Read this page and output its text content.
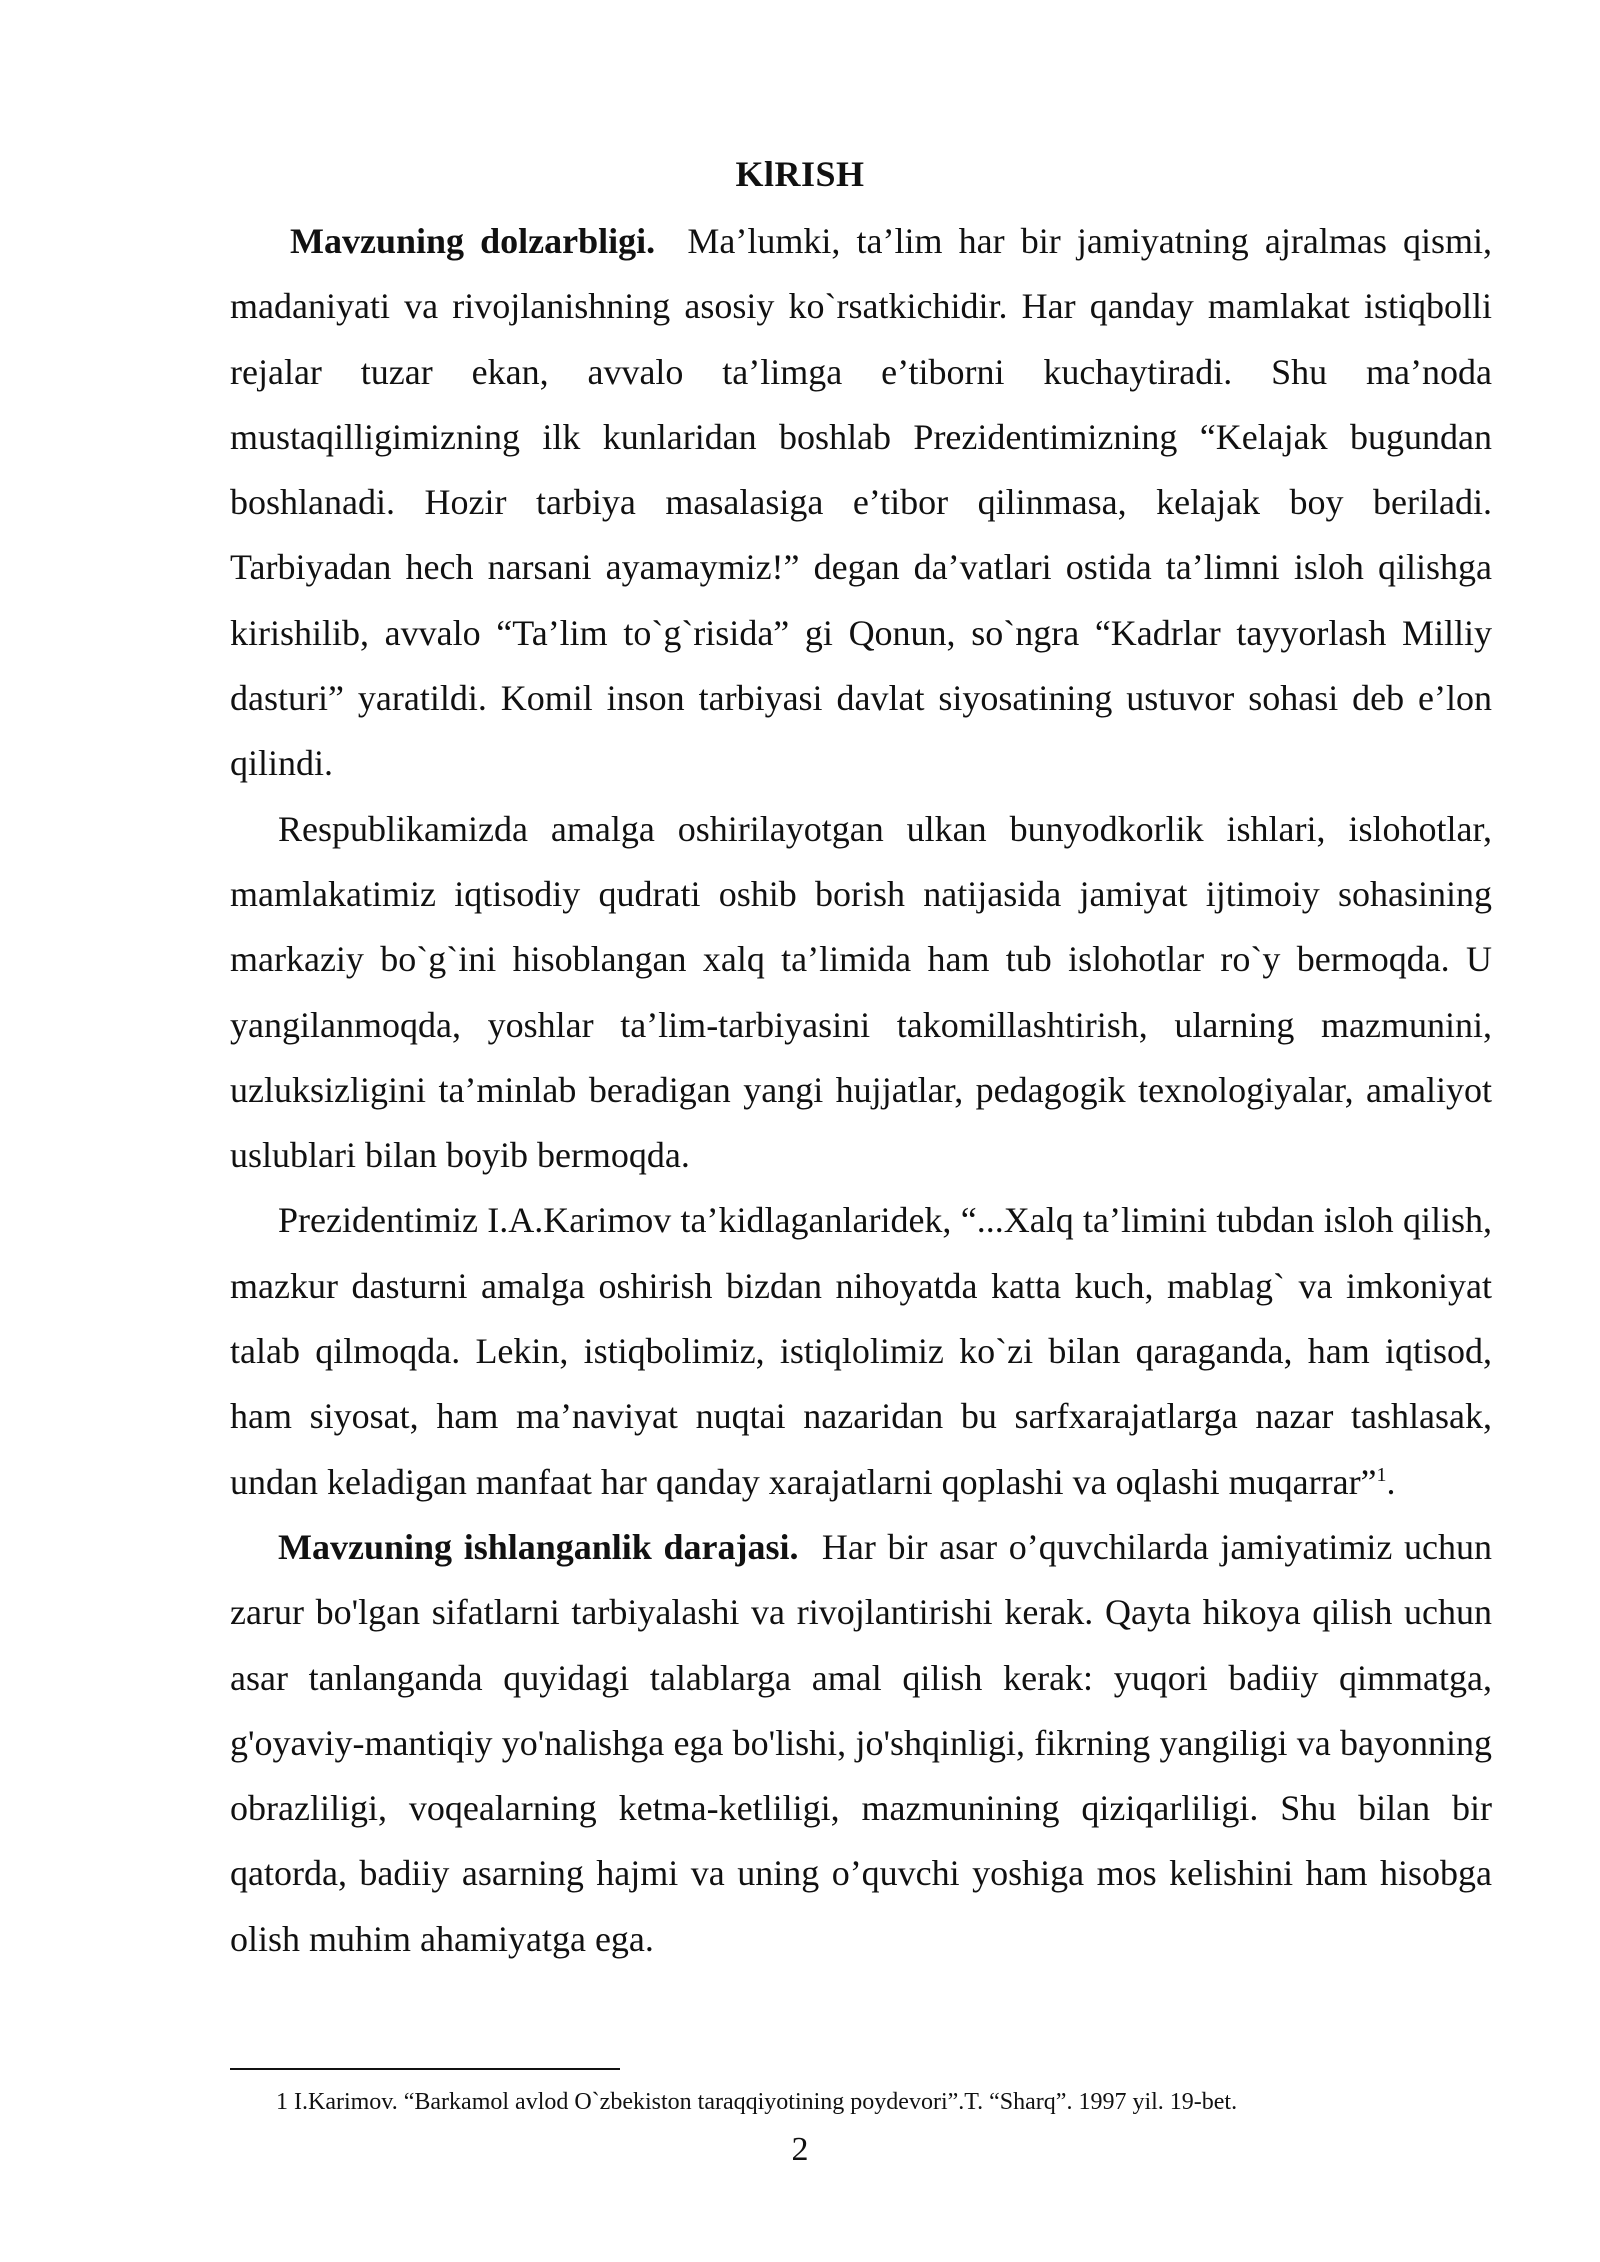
KlRISH

Mavzuning dolzarbligi. Ma’lumki, ta’lim har bir jamiyatning ajralmas qismi, madaniyati va rivojlanishning asosiy ko`rsatkichidir. Har qanday mamlakat istiqbolli rejalar tuzar ekan, avvalo ta’limga e’tiborni kuchaytiradi. Shu ma’noda mustaqilligimizning ilk kunlaridan boshlab Prezidentimizning “Kelajak bugundan boshlanadi. Hozir tarbiya masalasiga e’tibor qilinmasa, kelajak boy beriladi. Tarbiyadan hech narsani ayamaymiz!” degan da’vatlari ostida ta’limni isloh qilishga kirishilib, avvalo “Ta’lim to`g`risida” gi Qonun, so`ngra “Kadrlar tayyorlash Milliy dasturi” yaratildi. Komil inson tarbiyasi davlat siyosatining ustuvor sohasi deb e’lon qilindi.

Respublikamizda amalga oshirilayotgan ulkan bunyodkorlik ishlari, islohotlar, mamlakatimiz iqtisodiy qudrati oshib borish natijasida jamiyat ijtimoiy sohasining markaziy bo`g`ini hisoblangan xalq ta’limida ham tub islohotlar ro`y bermoqda. U yangilanmoqda, yoshlar ta’lim-tarbiyasini takomillashtirish, ularning mazmunini, uzluksizligini ta’minlab beradigan yangi hujjatlar, pedagogik texnologiyalar, amaliyot uslublari bilan boyib bermoqda.

Prezidentimiz I.A.Karimov ta’kidlaganlaridek, “...Xalq ta’limini tubdan isloh qilish, mazkur dasturni amalga oshirish bizdan nihoyatda katta kuch, mablag` va imkoniyat talab qilmoqda. Lekin, istiqbolimiz, istiqlolimiz ko`zi bilan qaraganda, ham iqtisod, ham siyosat, ham ma’naviyat nuqtai nazaridan bu sarfxarajatlarga nazar tashlasak, undan keladigan manfaat har qanday xarajatlarni qoplashi va oqlashi muqarrar”$^1$.

Mavzuning ishlanganlik darajasi. Har bir asar o’quvchilarda jamiyatimiz uchun zarur bo'lgan sifatlarni tarbiyalashi va rivojlantirishi kerak. Qayta hikoya qilish uchun asar tanlanganda quyidagi talablarga amal qilish kerak: yuqori badiiy qimmatga, g'oyaviy-mantiqiy yo'nalishga ega bo'lishi, jo'shqinligi, fikrning yangiligi va bayonning obrazliligi, voqealarning ketma-ketliligi, mazmunining qiziqarliligi. Shu bilan bir qatorda, badiiy asarning hajmi va uning o’quvchi yoshiga mos kelishini ham hisobga olish muhim ahamiyatga ega.

1 I.Karimov. “Barkamol avlod O`zbekiston taraqqiyotining poydevori”.T. “Sharq”. 1997 yil. 19-bet.

2
